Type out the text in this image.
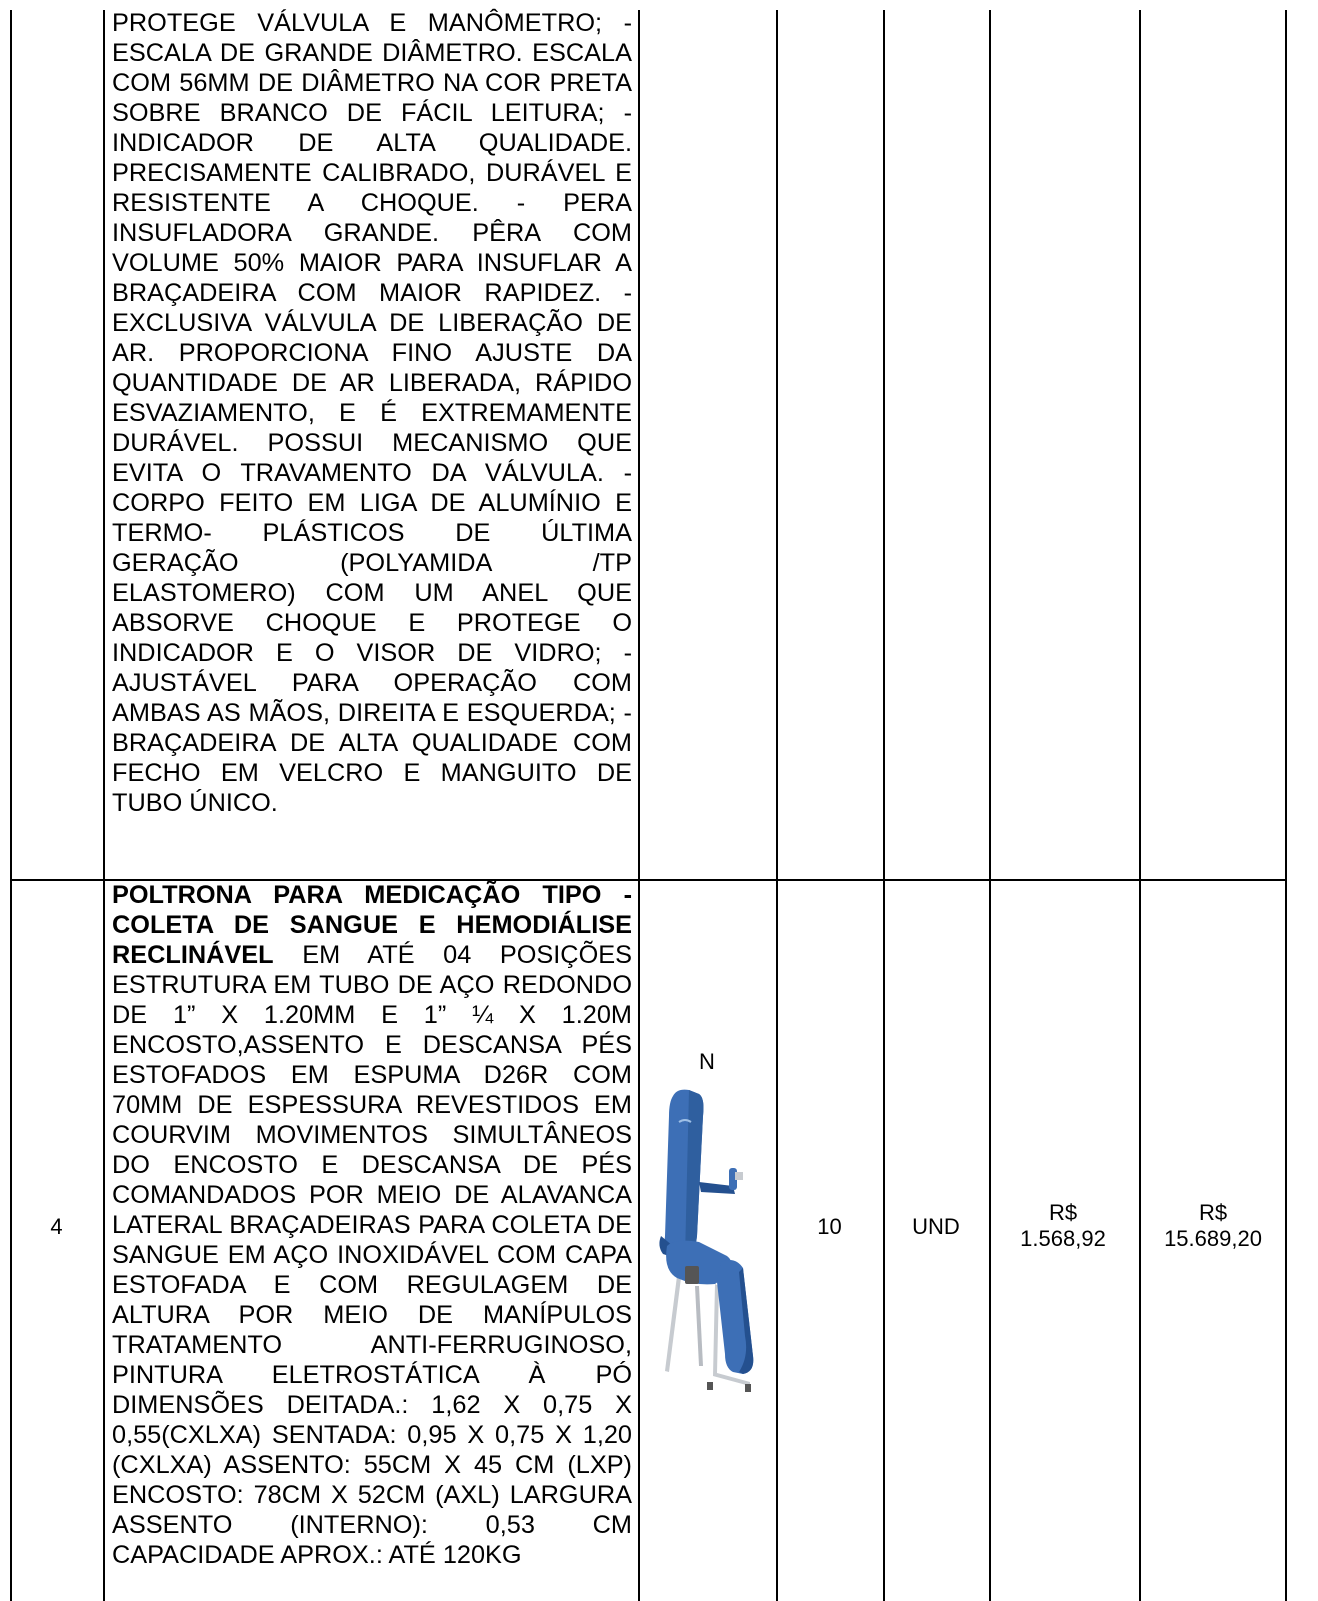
PROTEGE VÁLVULA E MANÔMETRO; - ESCALA DE GRANDE DIÂMETRO. ESCALA COM 56MM DE DIÂMETRO NA COR PRETA SOBRE BRANCO DE FÁCIL LEITURA; - INDICADOR DE ALTA QUALIDADE. PRECISAMENTE CALIBRADO, DURÁVEL E RESISTENTE A CHOQUE. - PERA INSUFLADORA GRANDE. PÊRA COM VOLUME 50% MAIOR PARA INSUFLAR A BRAÇADEIRA COM MAIOR RAPIDEZ. - EXCLUSIVA VÁLVULA DE LIBERAÇÃO DE AR. PROPORCIONA FINO AJUSTE DA QUANTIDADE DE AR LIBERADA, RÁPIDO ESVAZIAMENTO, E É EXTREMAMENTE DURÁVEL. POSSUI MECANISMO QUE EVITA O TRAVAMENTO DA VÁLVULA. - CORPO FEITO EM LIGA DE ALUMÍNIO E TERMO- PLÁSTICOS DE ÚLTIMA GERAÇÃO (POLYAMIDA /TP ELASTOMERO) COM UM ANEL QUE ABSORVE CHOQUE E PROTEGE O INDICADOR E O VISOR DE VIDRO; - AJUSTÁVEL PARA OPERAÇÃO COM AMBAS AS MÃOS, DIREITA E ESQUERDA; - BRAÇADEIRA DE ALTA QUALIDADE COM FECHO EM VELCRO E MANGUITO DE TUBO ÚNICO.

4

POLTRONA PARA MEDICAÇÃO TIPO - COLETA DE SANGUE E HEMODIÁLISE RECLINÁVEL EM ATÉ 04 POSIÇÕES ESTRUTURA EM TUBO DE AÇO REDONDO DE 1” X 1.20MM E 1” ¼ X 1.20M ENCOSTO,ASSENTO E DESCANSA PÉS ESTOFADOS EM ESPUMA D26R COM 70MM DE ESPESSURA REVESTIDOS EM COURVIM MOVIMENTOS SIMULTÂNEOS DO ENCOSTO E DESCANSA DE PÉS COMANDADOS POR MEIO DE ALAVANCA LATERAL BRAÇADEIRAS PARA COLETA DE SANGUE EM AÇO INOXIDÁVEL COM CAPA ESTOFADA E COM REGULAGEM DE ALTURA POR MEIO DE MANÍPULOS TRATAMENTO ANTI-FERRUGINOSO, PINTURA ELETROSTÁTICA À PÓ DIMENSÕES DEITADA.: 1,62 X 0,75 X 0,55(CXLXA) SENTADA: 0,95 X 0,75 X 1,20 (CXLXA) ASSENTO: 55CM X 45 CM (LXP) ENCOSTO: 78CM X 52CM (AXL) LARGURA ASSENTO (INTERNO): 0,53 CM CAPACIDADE APROX.: ATÉ 120KG

N
10	UND
R$ 1.568,92
R$ 15.689,20
